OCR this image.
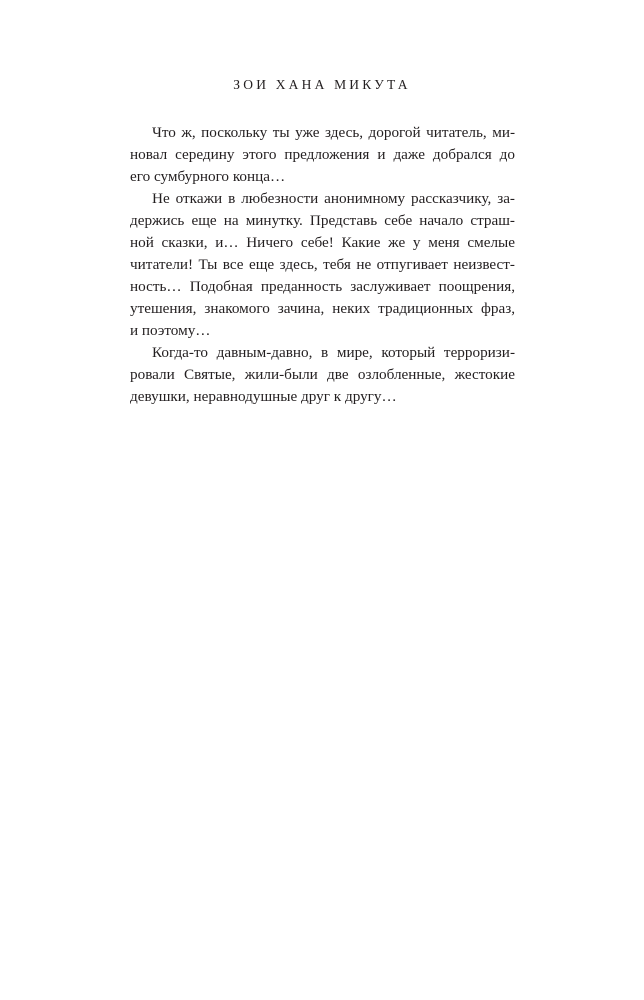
ЗОИ ХАНА МИКУТА
Что ж, поскольку ты уже здесь, дорогой читатель, ми-
новал середину этого предложения и даже добрался до
его сумбурного конца…
Не откажи в любезности анонимному рассказчику, за-
держись еще на минутку. Представь себе начало страш-
ной сказки, и… Ничего себе! Какие же у меня смелые
читатели! Ты все еще здесь, тебя не отпугивает неизвест-
ность… Подобная преданность заслуживает поощрения,
утешения, знакомого зачина, неких традиционных фраз,
и поэтому…
Когда-то давным-давно, в мире, который терроризи-
ровали Святые, жили-были две озлобленные, жестокие
девушки, неравнодушные друг к другу…
